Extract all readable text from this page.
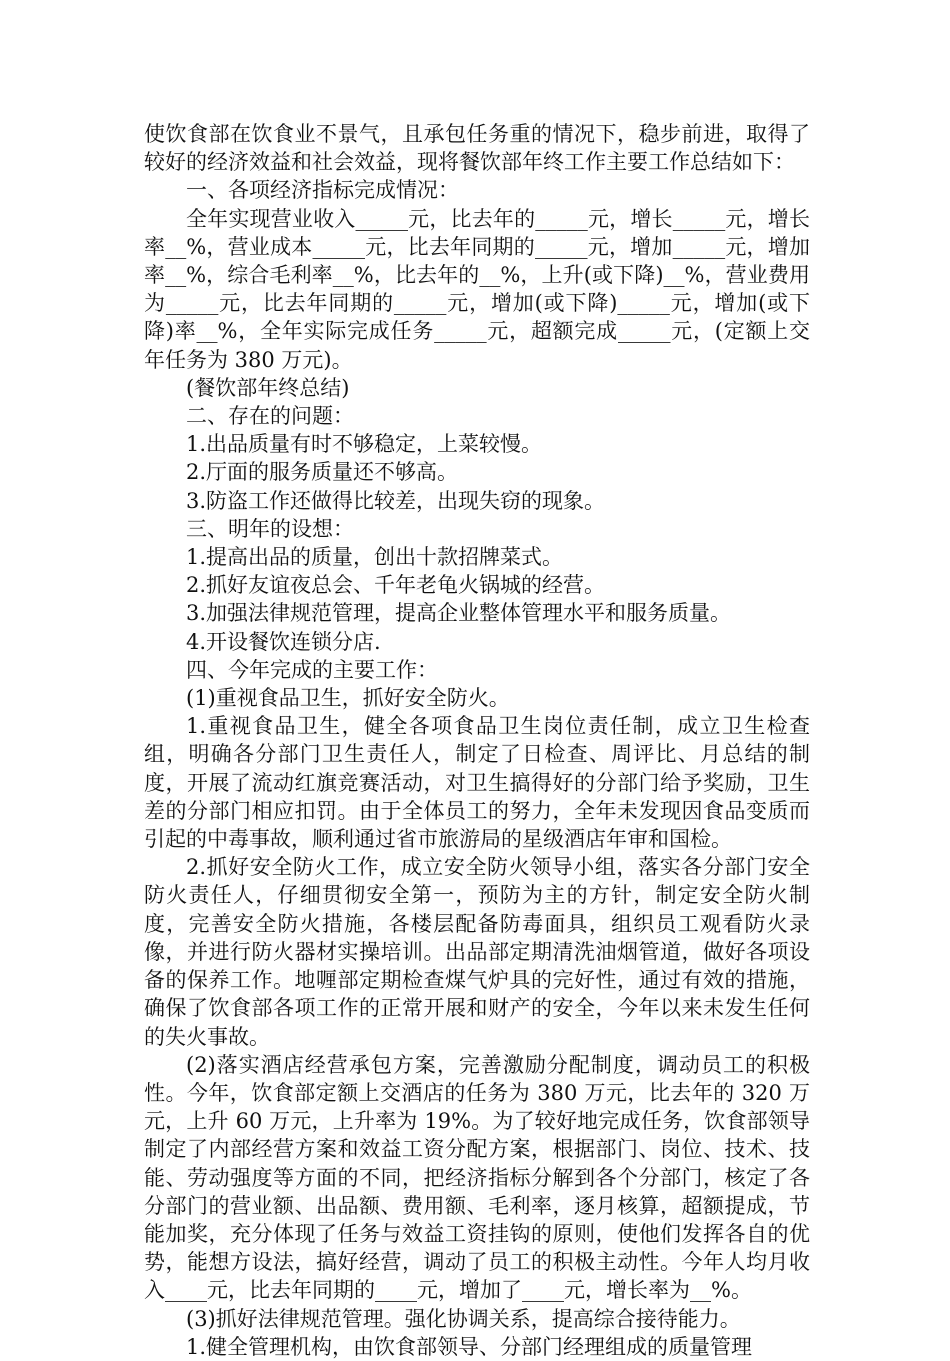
使饮食部在饮食业不景气，且承包任务重的情况下，稳步前进，取得了较好的经济效益和社会效益，现将餐饮部年终工作主要工作总结如下：

一、各项经济指标完成情况：

全年实现营业收入_____元，比去年的_____元，增长_____元，增长率__%，营业成本_____元，比去年同期的_____元，增加_____元，增加率__%，综合毛利率__%，比去年的__%，上升(或下降)__%，营业费用为_____元，比去年同期的_____元，增加(或下降)_____元，增加(或下降)率__%，全年实际完成任务_____元，超额完成_____元，(定额上交年任务为 380 万元)。

(餐饮部年终总结)

二、存在的问题：

1.出品质量有时不够稳定，上菜较慢。

2.厅面的服务质量还不够高。

3.防盗工作还做得比较差，出现失窃的现象。

三、明年的设想：

1.提高出品的质量，创出十款招牌菜式。

2.抓好友谊夜总会、千年老龟火锅城的经营。

3.加强法律规范管理，提高企业整体管理水平和服务质量。

4.开设餐饮连锁分店.

四、今年完成的主要工作：

(1)重视食品卫生，抓好安全防火。

1.重视食品卫生，健全各项食品卫生岗位责任制，成立卫生检查组，明确各分部门卫生责任人，制定了日检查、周评比、月总结的制度，开展了流动红旗竞赛活动，对卫生搞得好的分部门给予奖励，卫生差的分部门相应扣罚。由于全体员工的努力，全年未发现因食品变质而引起的中毒事故，顺利通过省市旅游局的星级酒店年审和国检。

2.抓好安全防火工作，成立安全防火领导小组，落实各分部门安全防火责任人，仔细贯彻安全第一，预防为主的方针，制定安全防火制度，完善安全防火措施，各楼层配备防毒面具，组织员工观看防火录像，并进行防火器材实操培训。出品部定期清洗油烟管道，做好各项设备的保养工作。地喱部定期检查煤气炉具的完好性，通过有效的措施，确保了饮食部各项工作的正常开展和财产的安全，今年以来未发生任何的失火事故。

(2)落实酒店经营承包方案，完善激励分配制度，调动员工的积极性。今年，饮食部定额上交酒店的任务为 380 万元，比去年的 320 万元，上升 60 万元，上升率为 19%。为了较好地完成任务，饮食部领导制定了内部经营方案和效益工资分配方案，根据部门、岗位、技术、技能、劳动强度等方面的不同，把经济指标分解到各个分部门，核定了各分部门的营业额、出品额、费用额、毛利率，逐月核算，超额提成，节能加奖，充分体现了任务与效益工资挂钩的原则，使他们发挥各自的优势，能想方设法，搞好经营，调动了员工的积极主动性。今年人均月收入____元，比去年同期的____元，增加了____元，增长率为__%。

(3)抓好法律规范管理。强化协调关系，提高综合接待能力。

1.健全管理机构，由饮食部领导、分部门经理组成的质量管理
